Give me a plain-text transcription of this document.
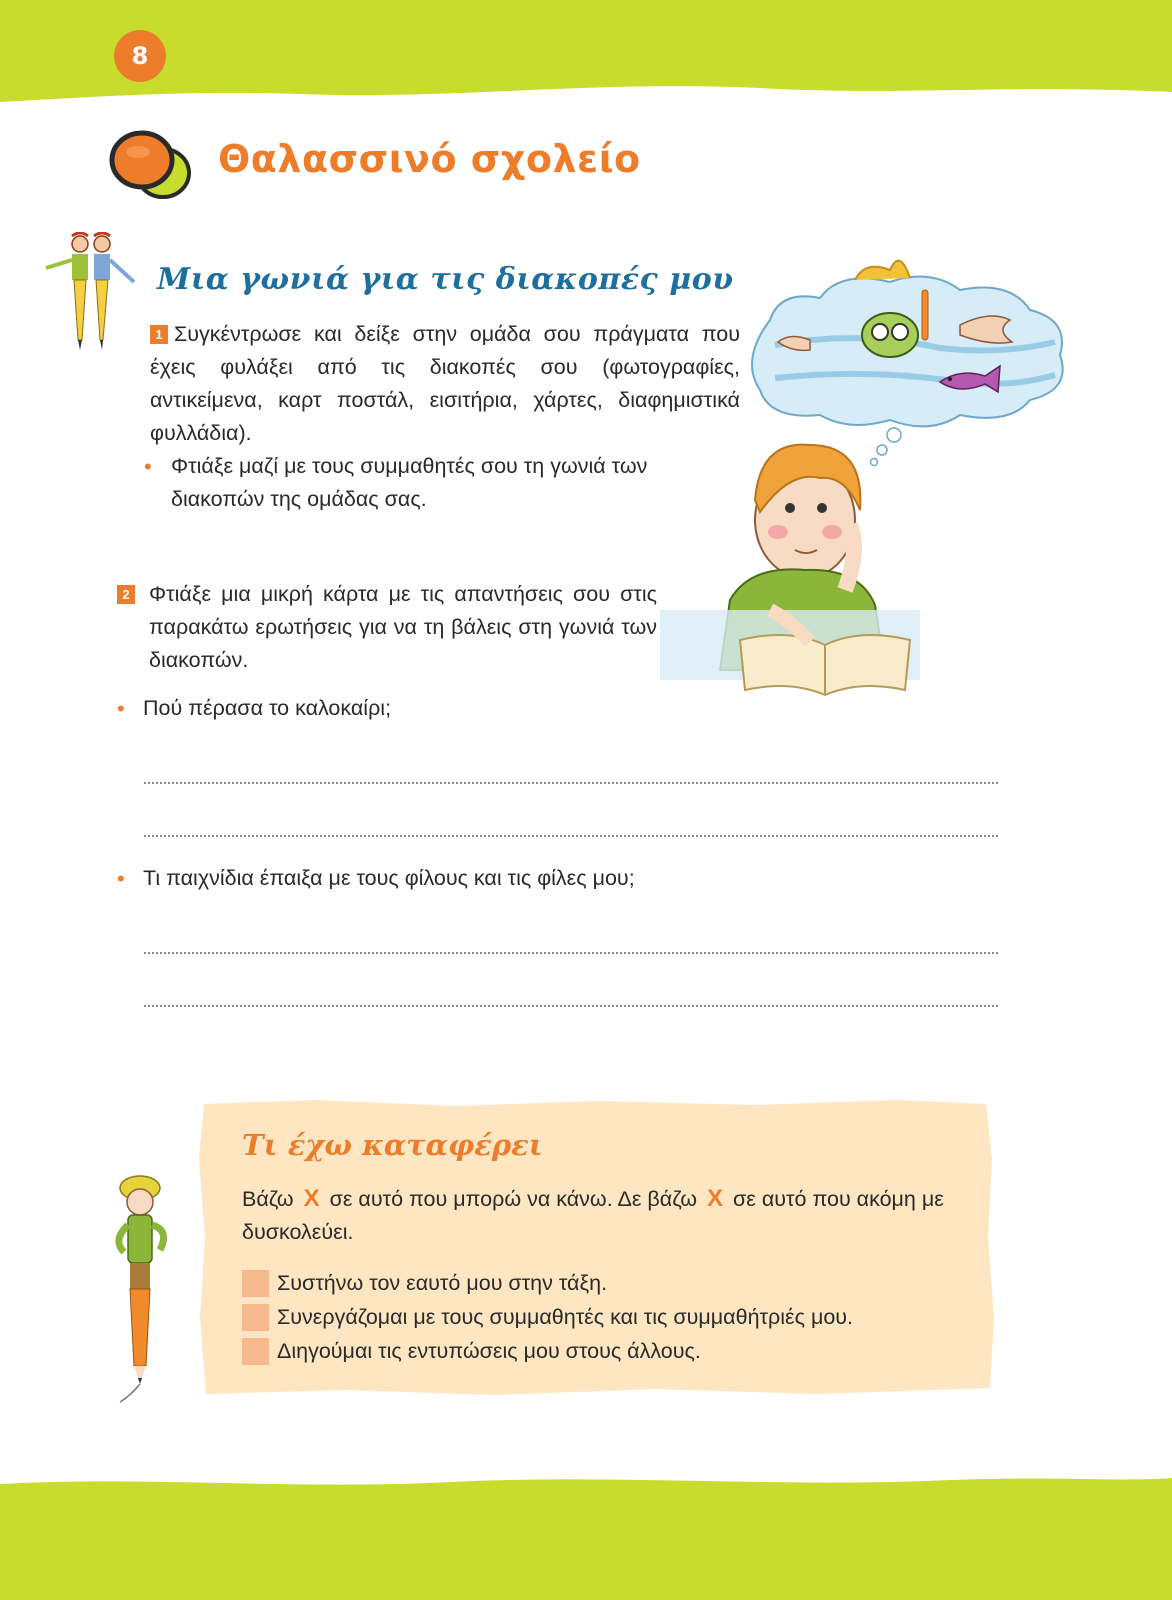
8
Θαλασσινό σχολείο
Μια γωνιά για τις διακοπές μου
1 Συγκέντρωσε και δείξε στην ομάδα σου πράγματα που έχεις φυλάξει από τις διακοπές σου (φωτογραφίες, αντικείμενα, καρτ ποστάλ, εισιτήρια, χάρτες, διαφημιστικά φυλλάδια).
• Φτιάξε μαζί με τους συμμαθητές σου τη γωνιά των διακοπών της ομάδας σας.
2 Φτιάξε μια μικρή κάρτα με τις απαντήσεις σου στις παρακάτω ερωτήσεις για να τη βάλεις στη γωνιά των διακοπών.
• Πού πέρασα το καλοκαίρι;
• Τι παιχνίδια έπαιξα με τους φίλους και τις φίλες μου;
Τι έχω καταφέρει
Βάζω X σε αυτό που μπορώ να κάνω. Δε βάζω X σε αυτό που ακόμη με δυσκολεύει.
Συστήνω τον εαυτό μου στην τάξη.
Συνεργάζομαι με τους συμμαθητές και τις συμμαθήτριές μου.
Διηγούμαι τις εντυπώσεις μου στους άλλους.
